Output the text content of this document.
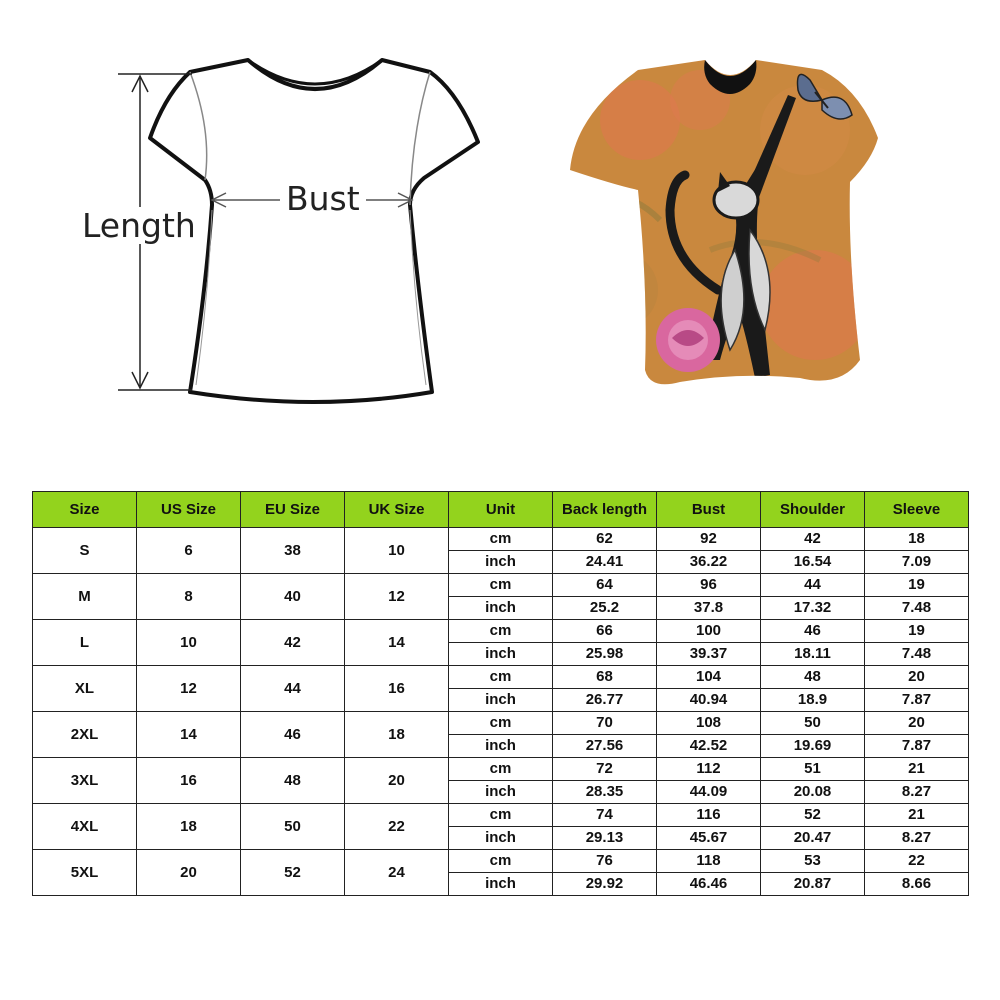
Length
Bust
Size	US Size	EU Size	UK Size	Unit	Back length	Bust	Shoulder	Sleeve
S	6	38	10	cm	62	92	42	18
				inch	24.41	36.22	16.54	7.09
M	8	40	12	cm	64	96	44	19
				inch	25.2	37.8	17.32	7.48
L	10	42	14	cm	66	100	46	19
				inch	25.98	39.37	18.11	7.48
XL	12	44	16	cm	68	104	48	20
				inch	26.77	40.94	18.9	7.87
2XL	14	46	18	cm	70	108	50	20
				inch	27.56	42.52	19.69	7.87
3XL	16	48	20	cm	72	112	51	21
				inch	28.35	44.09	20.08	8.27
4XL	18	50	22	cm	74	116	52	21
				inch	29.13	45.67	20.47	8.27
5XL	20	52	24	cm	76	118	53	22
				inch	29.92	46.46	20.87	8.66
